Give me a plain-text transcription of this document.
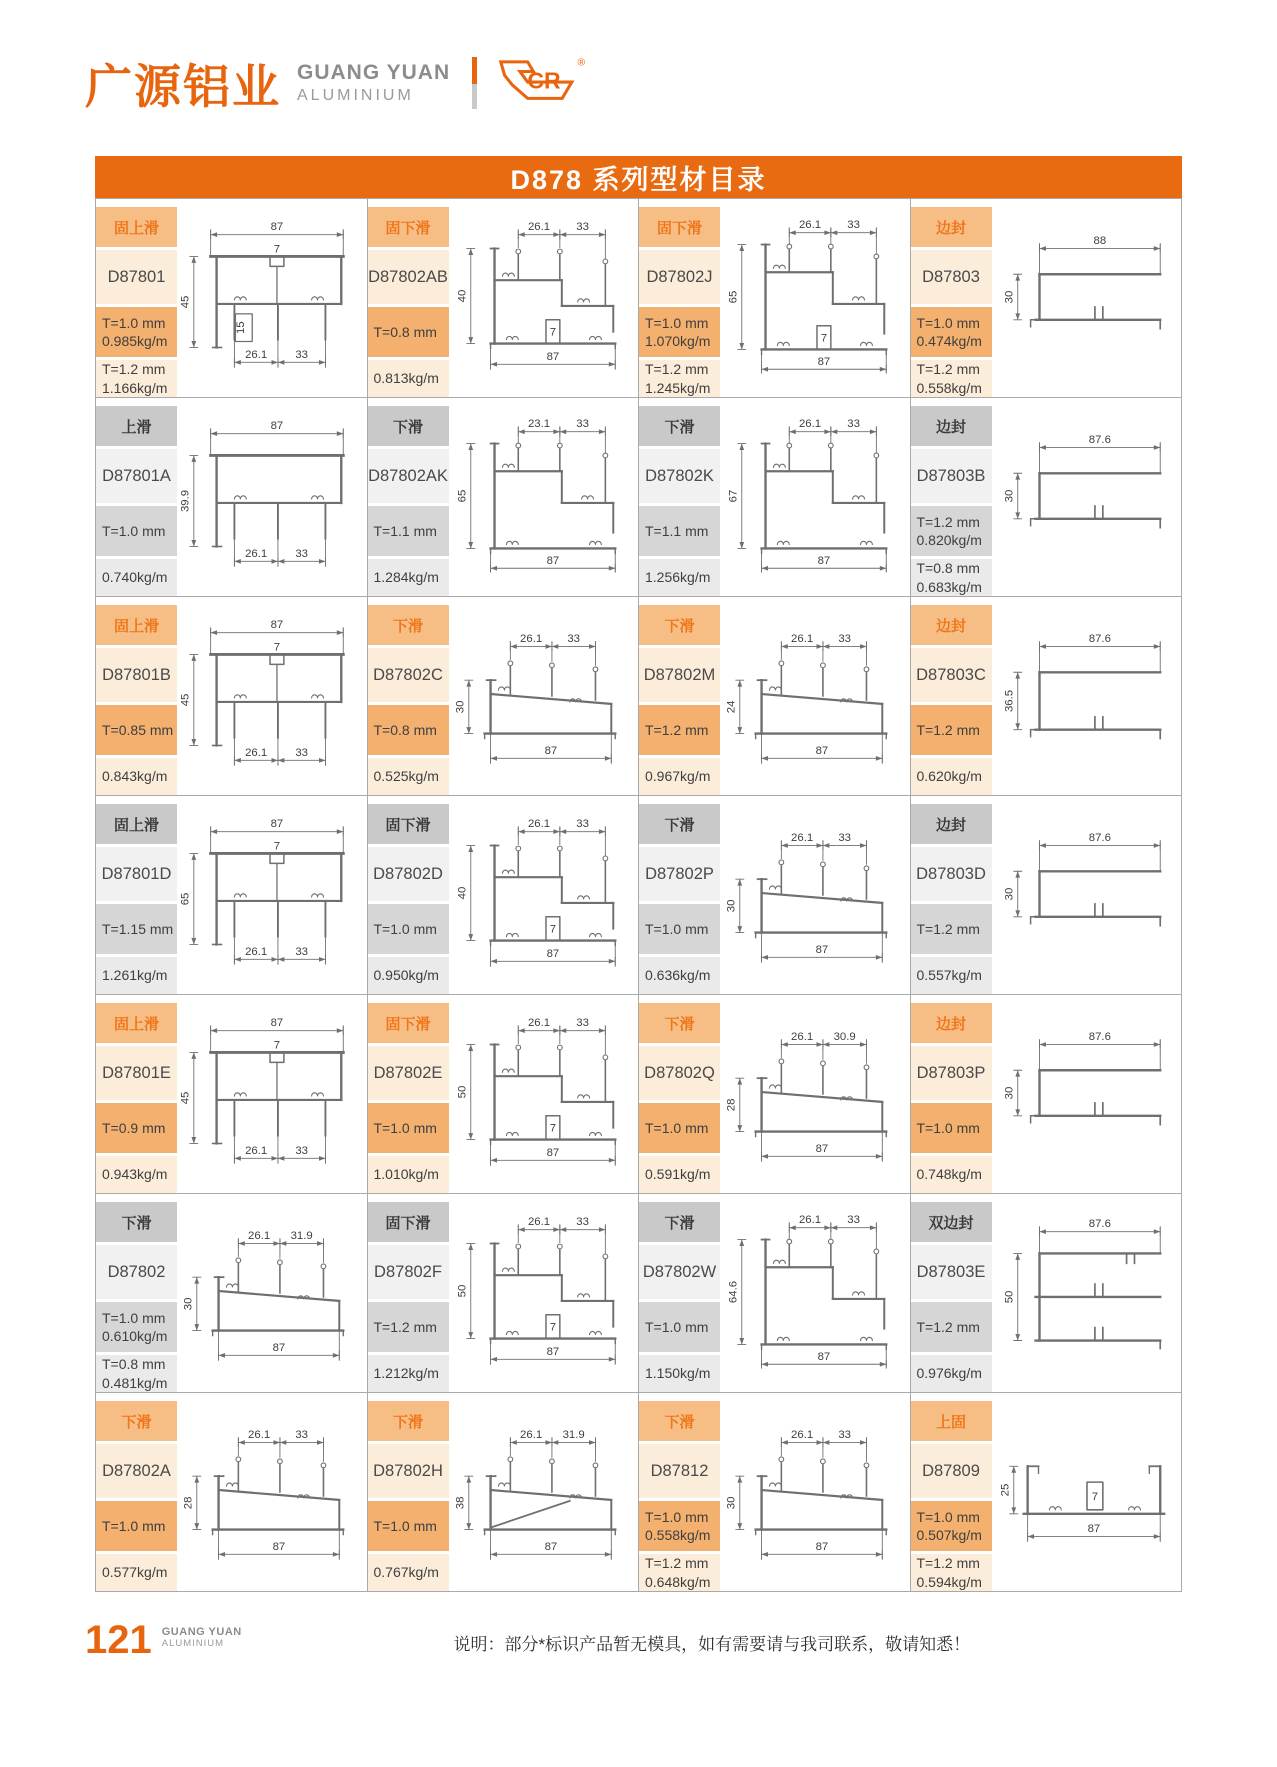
广源铝业 GUANG YUAN
ALUMINIUM
CR
®
D878 系列型材目录
固上滑
D87801
T=1.0 mm
0.985kg/m
T=1.2 mm
1.166kg/m
87
7
15
45
26.1 33
固下滑
D87802AB
T=0.8 mm
0.813kg/m
26.1 33
7
40
87
固下滑
D87802J
T=1.0 mm
1.070kg/m
T=1.2 mm
1.245kg/m
26.1 33
7
65
87
边封
D87803
T=1.0 mm
0.474kg/m
T=1.2 mm
0.558kg/m
88
30
上滑
D87801A
T=1.0 mm
0.740kg/m
87
39.9
26.1 33
下滑
D87802AK
T=1.1 mm
1.284kg/m
23.1 33
65
87
下滑
D87802K
T=1.1 mm
1.256kg/m
26.1 33
67
87
边封
D87803B
T=1.2 mm
0.820kg/m
T=0.8 mm
0.683kg/m
87.6
30
固上滑
D87801B
T=0.85 mm
0.843kg/m
87
7
45
26.1 33
下滑
D87802C
T=0.8 mm
0.525kg/m
26.1 33
30
87
下滑
D87802M
T=1.2 mm
0.967kg/m
26.1 33
24
87
边封
D87803C
T=1.2 mm
0.620kg/m
87.6
36.5
固上滑
D87801D
T=1.15 mm
1.261kg/m
87
7
65
26.1 33
固下滑
D87802D
T=1.0 mm
0.950kg/m
26.1 33
7
40
87
下滑
D87802P
T=1.0 mm
0.636kg/m
26.1 33
30
87
边封
D87803D
T=1.2 mm
0.557kg/m
87.6
30
固上滑
D87801E
T=0.9 mm
0.943kg/m
87
7
45
26.1 33
固下滑
D87802E
T=1.0 mm
1.010kg/m
26.1 33
7
50
87
下滑
D87802Q
T=1.0 mm
0.591kg/m
26.1 30.9
28
87
边封
D87803P
T=1.0 mm
0.748kg/m
87.6
30
下滑
D87802
T=1.0 mm
0.610kg/m
T=0.8 mm
0.481kg/m
26.1 31.9
30
87
固下滑
D87802F
T=1.2 mm
1.212kg/m
26.1 33
7
50
87
下滑
D87802W
T=1.0 mm
1.150kg/m
26.1 33
64.6
87
双边封
D87803E
T=1.2 mm
0.976kg/m
87.6
50
下滑
D87802A
T=1.0 mm
0.577kg/m
26.1 33
28
87
下滑
D87802H
T=1.0 mm
0.767kg/m
26.1 31.9
38
87
下滑
D87812
T=1.0 mm
0.558kg/m
T=1.2 mm
0.648kg/m
26.1 33
30
87
上固
D87809
T=1.0 mm
0.507kg/m
T=1.2 mm
0.594kg/m
7
25
87
121 GUANG YUAN
ALUMINIUM	说明：部分*标识产品暂无模具，如有需要请与我司联系，敬请知悉！
